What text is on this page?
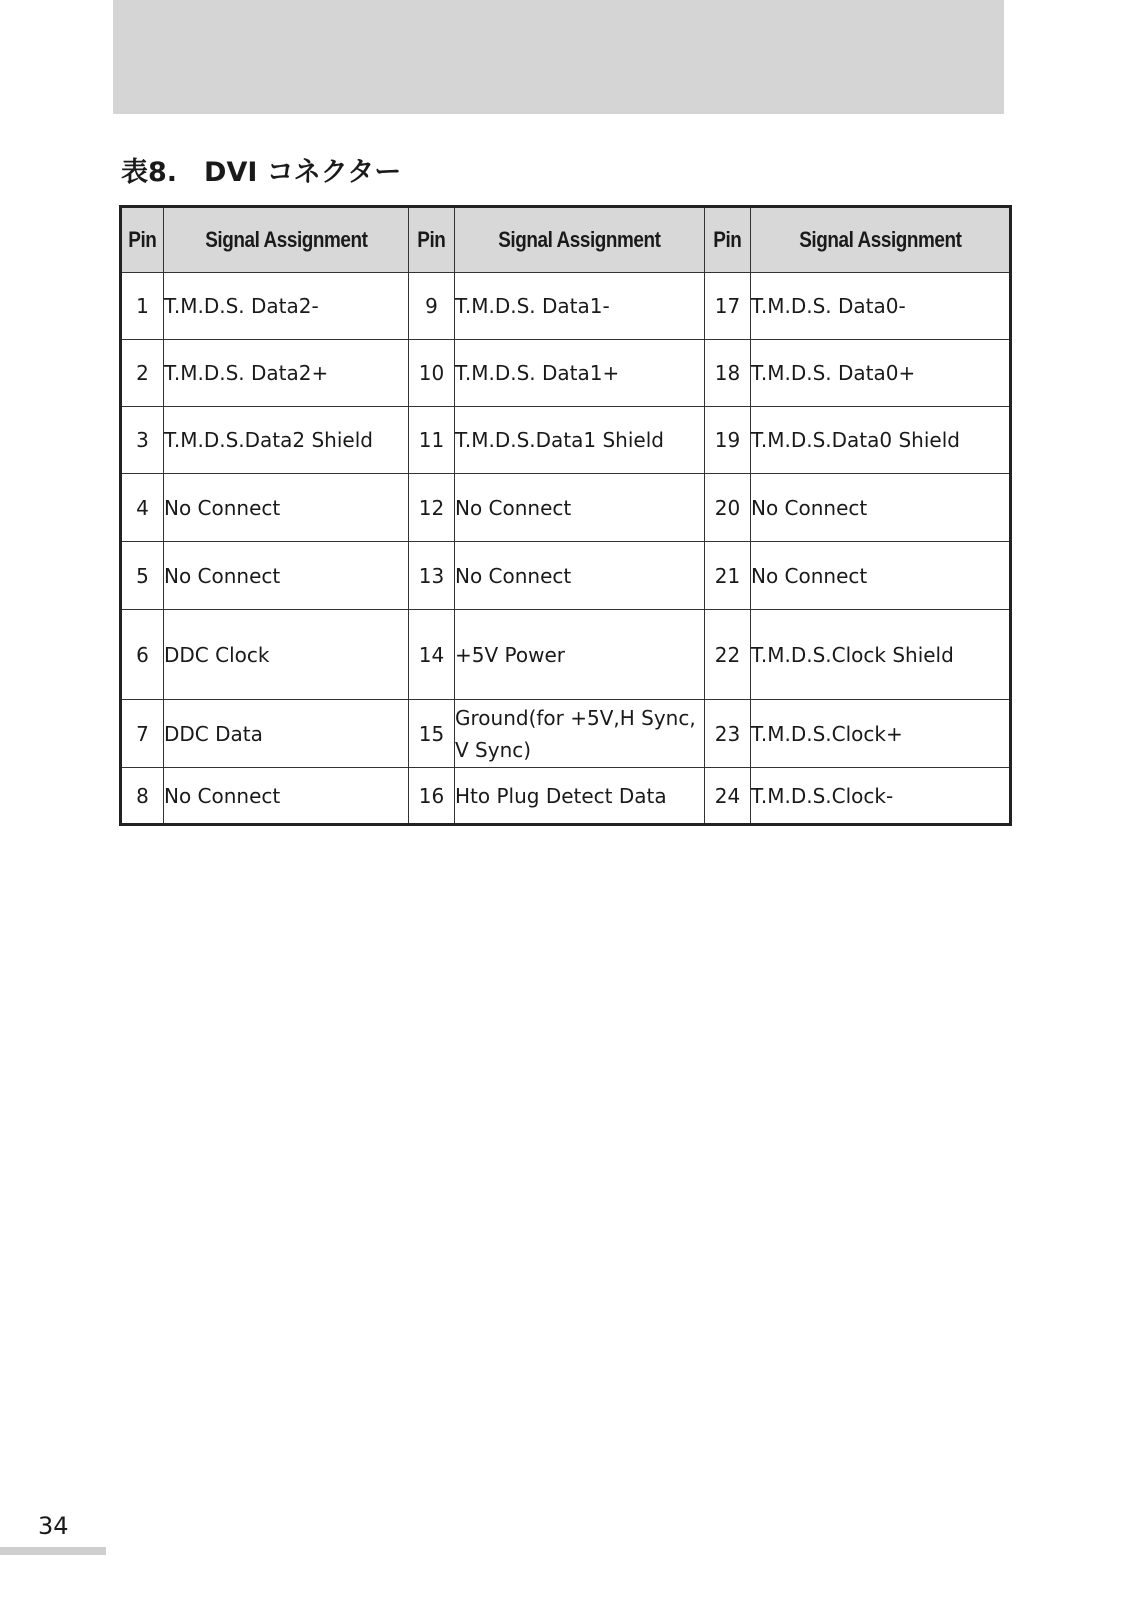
表8.　DVI コネクター
Pin	Signal Assignment	Pin	Signal Assignment	Pin	Signal Assignment
1	T.M.D.S. Data2-	9	T.M.D.S. Data1-	17	T.M.D.S. Data0-
2	T.M.D.S. Data2+	10	T.M.D.S. Data1+	18	T.M.D.S. Data0+
3	T.M.D.S.Data2 Shield	11	T.M.D.S.Data1 Shield	19	T.M.D.S.Data0 Shield
4	No Connect	12	No Connect	20	No Connect
5	No Connect	13	No Connect	21	No Connect
6	DDC Clock	14	+5V Power	22	T.M.D.S.Clock Shield
7	DDC Data	15	Ground(for +5V,H Sync, V Sync)	23	T.M.D.S.Clock+
8	No Connect	16	Hto Plug Detect Data	24	T.M.D.S.Clock-

34
